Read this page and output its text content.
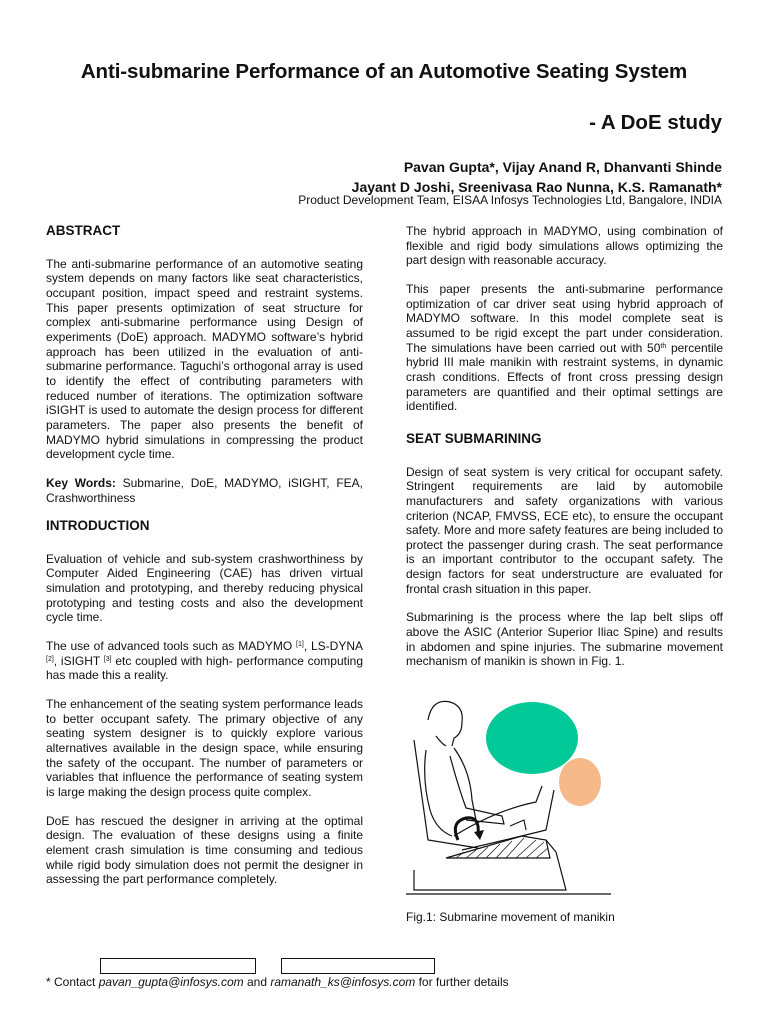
Anti-submarine Performance of an Automotive Seating System
- A DoE study
Pavan Gupta*, Vijay Anand R, Dhanvanti Shinde
Jayant D Joshi, Sreenivasa Rao Nunna, K.S. Ramanath*
Product Development Team, EISAA Infosys Technologies Ltd, Bangalore, INDIA
ABSTRACT

The anti-submarine performance of an automotive seating system depends on many factors like seat characteristics, occupant position, impact speed and restraint systems. This paper presents optimization of seat structure for complex anti-submarine performance using Design of experiments (DoE) approach. MADYMO software’s hybrid approach has been utilized in the evaluation of anti-submarine performance. Taguchi’s orthogonal array is used to identify the effect of contributing parameters with reduced number of iterations. The optimization software iSIGHT is used to automate the design process for different parameters. The paper also presents the benefit of MADYMO hybrid simulations in compressing the product development cycle time.

Key Words: Submarine, DoE, MADYMO, iSIGHT, FEA, Crashworthiness

INTRODUCTION

Evaluation of vehicle and sub-system crashworthiness by Computer Aided Engineering (CAE) has driven virtual simulation and prototyping, and thereby reducing physical prototyping and testing costs and also the development cycle time.

The use of advanced tools such as MADYMO [1], LS-DYNA [2], iSIGHT [3] etc coupled with high- performance computing has made this a reality.

The enhancement of the seating system performance leads to better occupant safety. The primary objective of any seating system designer is to quickly explore various alternatives available in the design space, while ensuring the safety of the occupant. The number of parameters or variables that influence the performance of seating system is large making the design process quite complex.

DoE has rescued the designer in arriving at the optimal design. The evaluation of these designs using a finite element crash simulation is time consuming and tedious while rigid body simulation does not permit the designer in assessing the part performance completely.

The hybrid approach in MADYMO, using combination of flexible and rigid body simulations allows optimizing the part design with reasonable accuracy.

This paper presents the anti-submarine performance optimization of car driver seat using hybrid approach of MADYMO software. In this model complete seat is assumed to be rigid except the part under consideration. The simulations have been carried out with 50th percentile hybrid III male manikin with restraint systems, in dynamic crash conditions. Effects of front cross pressing design parameters are quantified and their optimal settings are identified.

SEAT SUBMARINING

Design of seat system is very critical for occupant safety. Stringent requirements are laid by automobile manufacturers and safety organizations with various criterion (NCAP, FMVSS, ECE etc), to ensure the occupant safety. More and more safety features are being included to protect the passenger during crash. The seat performance is an important contributor to the occupant safety. The design factors for seat understructure are evaluated for frontal crash situation in this paper.

Submarining is the process where the lap belt slips off above the ASIC (Anterior Superior Iliac Spine) and results in abdomen and spine injuries. The submarine movement mechanism of manikin is shown in Fig. 1.

Fig.1: Submarine movement of manikin
* Contact pavan_gupta@infosys.com and ramanath_ks@infosys.com for further details
